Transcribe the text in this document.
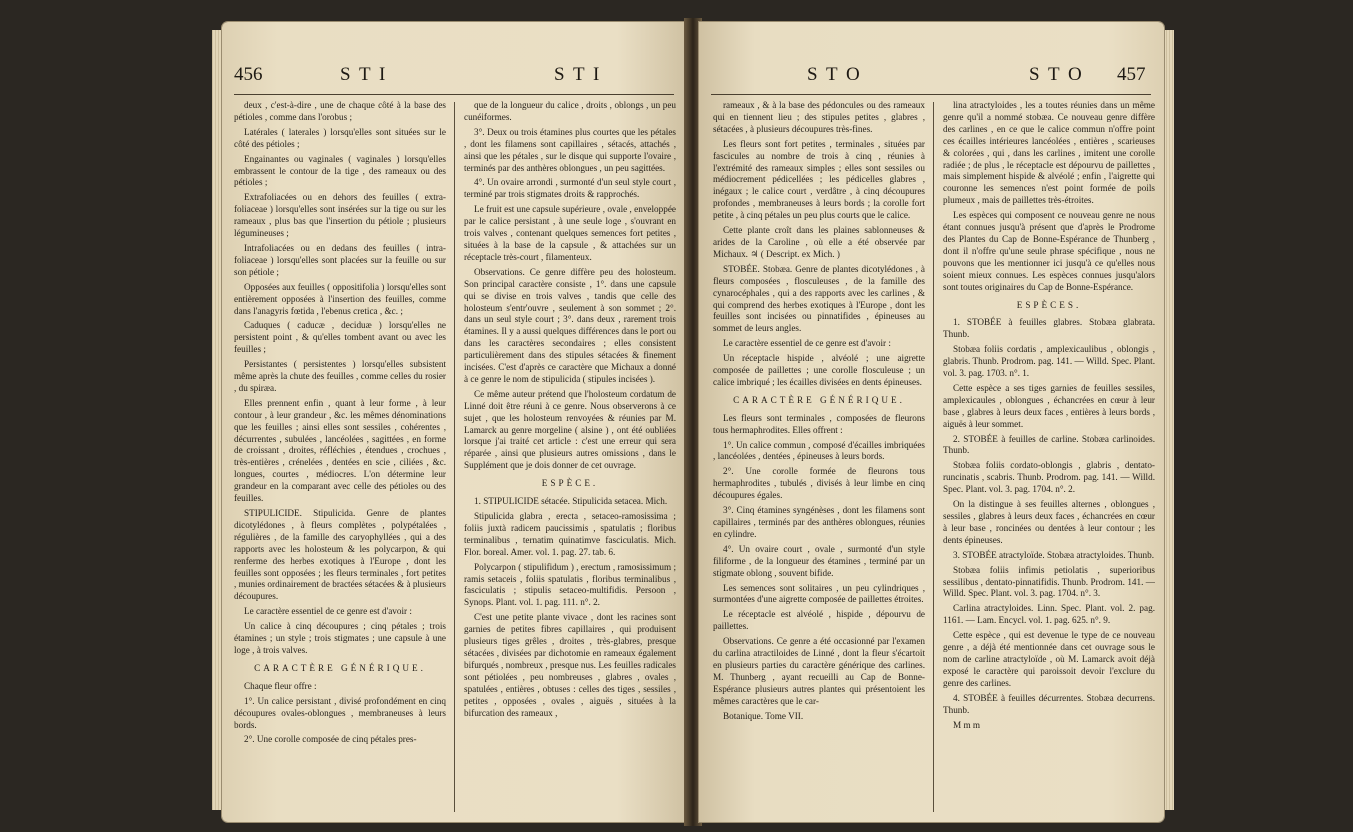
456	S T I	S T I

deux , c'est-à-dire , une de chaque côté à la base des pétioles , comme dans l'orobus ;

Latérales ( laterales ) lorsqu'elles sont situées sur le côté des pétioles ;

Engainantes ou vaginales ( vaginales ) lorsqu'elles embrassent le contour de la tige , des rameaux ou des pétioles ;

Extrafoliacées ou en dehors des feuilles ( extra-foliaceae ) lorsqu'elles sont insérées sur la tige ou sur les rameaux , plus bas que l'insertion du pétiole ; plusieurs légumineuses ;

Intrafoliacées ou en dedans des feuilles ( intra-foliaceae ) lorsqu'elles sont placées sur la feuille ou sur son pétiole ;

Opposées aux feuilles ( oppositifolia ) lorsqu'elles sont entièrement opposées à l'insertion des feuilles, comme dans l'anagyris fœtida , l'ebenus cretica , &c. ;

Caduques ( caducæ , deciduæ ) lorsqu'elles ne persistent point , & qu'elles tombent avant ou avec les feuilles ;

Persistantes ( persistentes ) lorsqu'elles subsistent même après la chute des feuilles , comme celles du rosier , du spiræa.

Elles prennent enfin , quant à leur forme , à leur contour , à leur grandeur , &c. les mêmes dénominations que les feuilles ; ainsi elles sont sessiles , cohérentes , décurrentes , subulées , lancéolées , sagittées , en forme de croissant , droites, réfléchies , étendues , crochues , très-entières , crénelées , dentées en scie , ciliées , &c. longues, courtes , médiocres. L'on détermine leur grandeur en la comparant avec celle des pétioles ou des feuilles.

STIPULICIDE. Stipulicida. Genre de plantes dicotylédones , à fleurs complètes , polypétalées , régulières , de la famille des caryophyllées , qui a des rapports avec les holosteum & les polycarpon, & qui renferme des herbes exotiques à l'Europe , dont les feuilles sont opposées ; les fleurs terminales , fort petites , munies ordinairement de bractées sétacées & à plusieurs découpures.

Le caractère essentiel de ce genre est d'avoir :

Un calice à cinq découpures ; cinq pétales ; trois étamines ; un style ; trois stigmates ; une capsule à une loge , à trois valves.

CARACTÈRE GÉNÉRIQUE.

Chaque fleur offre :

1°. Un calice persistant , divisé profondément en cinq découpures ovales-oblongues , membraneuses à leurs bords.

2°. Une corolle composée de cinq pétales pres-

que de la longueur du calice , droits , oblongs , un peu cunéiformes.

3°. Deux ou trois étamines plus courtes que les pétales , dont les filamens sont capillaires , sétacés, attachés , ainsi que les pétales , sur le disque qui supporte l'ovaire , terminés par des anthères oblongues , un peu sagittées.

4°. Un ovaire arrondi , surmonté d'un seul style court , terminé par trois stigmates droits & rapprochés.

Le fruit est une capsule supérieure , ovale , enveloppée par le calice persistant , à une seule loge , s'ouvrant en trois valves , contenant quelques semences fort petites , situées à la base de la capsule , & attachées sur un réceptacle très-court , filamenteux.

Observations. Ce genre diffère peu des holosteum. Son principal caractère consiste , 1°. dans une capsule qui se divise en trois valves , tandis que celle des holosteum s'entr'ouvre , seulement à son sommet ; 2°. dans un seul style court ; 3°. dans deux , rarement trois étamines. Il y a aussi quelques différences dans le port ou dans les caractères secondaires ; elles consistent particulièrement dans des stipules sétacées & finement incisées. C'est d'après ce caractère que Michaux a donné à ce genre le nom de stipulicida ( stipules incisées ).

Ce même auteur prétend que l'holosteum cordatum de Linné doit être réuni à ce genre. Nous observerons à ce sujet , que les holosteum renvoyées & réunies par M. Lamarck au genre morgeline ( alsine ) , ont été oubliées lorsque j'ai traité cet article : c'est une erreur qui sera réparée , ainsi que plusieurs autres omissions , dans le Supplément que je dois donner de cet ouvrage.

ESPÈCE.

1. STIPULICIDE sétacée. Stipulicida setacea. Mich.

Stipulicida glabra , erecta , setaceo-ramosissima ; foliis juxtà radicem paucissimis , spatulatis ; floribus terminalibus , ternatim quinatimve fasciculatis. Mich. Flor. boreal. Amer. vol. 1. pag. 27. tab. 6.

Polycarpon ( stipulifidum ) , erectum , ramosissimum ; ramis setaceis , foliis spatulatis , floribus terminalibus , fasciculatis ; stipulis setaceo-multifidis. Persoon , Synops. Plant. vol. 1. pag. 111. n°. 2.

C'est une petite plante vivace , dont les racines sont garnies de petites fibres capillaires , qui produisent plusieurs tiges grêles , droites , très-glabres, presque sétacées , divisées par dichotomie en rameaux également bifurqués , nombreux , presque nus. Les feuilles radicales sont pétiolées , peu nombreuses , glabres , ovales , spatulées , entières , obtuses : celles des tiges , sessiles , petites , opposées , ovales , aiguës , situées à la bifurcation des rameaux ,

S T O	S T O 457

rameaux , & à la base des pédoncules ou des rameaux qui en tiennent lieu ; des stipules petites , glabres , sétacées , à plusieurs découpures très-fines.

Les fleurs sont fort petites , terminales , situées par fascicules au nombre de trois à cinq , réunies à l'extrémité des rameaux simples ; elles sont sessiles ou médiocrement pédicellées ; les pédicelles glabres , inégaux ; le calice court , verdâtre , à cinq découpures profondes , membraneuses à leurs bords ; la corolle fort petite , à cinq pétales un peu plus courts que le calice.

Cette plante croît dans les plaines sablonneuses & arides de la Caroline , où elle a été observée par Michaux. ♃ ( Descript. ex Mich. )

STOBÉE. Stobæa. Genre de plantes dicotylédones , à fleurs composées , flosculeuses , de la famille des cynarocéphales , qui a des rapports avec les carlines , & qui comprend des herbes exotiques à l'Europe , dont les feuilles sont incisées ou pinnatifides , épineuses au sommet de leurs angles.

Le caractère essentiel de ce genre est d'avoir :

Un réceptacle hispide , alvéolé ; une aigrette composée de paillettes ; une corolle flosculeuse ; un calice imbriqué ; les écailles divisées en dents épineuses.

CARACTÈRE GÉNÉRIQUE.

Les fleurs sont terminales , composées de fleurons tous hermaphrodites. Elles offrent :

1°. Un calice commun , composé d'écailles imbriquées , lancéolées , dentées , épineuses à leurs bords.

2°. Une corolle formée de fleurons tous hermaphrodites , tubulés , divisés à leur limbe en cinq découpures égales.

3°. Cinq étamines syngénèses , dont les filamens sont capillaires , terminés par des anthères oblongues, réunies en cylindre.

4°. Un ovaire court , ovale , surmonté d'un style filiforme , de la longueur des étamines , terminé par un stigmate oblong , souvent bifide.

Les semences sont solitaires , un peu cylindriques , surmontées d'une aigrette composée de paillettes étroites.

Le réceptacle est alvéolé , hispide , dépourvu de paillettes.

Observations. Ce genre a été occasionné par l'examen du carlina atractiloides de Linné , dont la fleur s'écartoit en plusieurs parties du caractère générique des carlines. M. Thunberg , ayant recueilli au Cap de Bonne-Espérance plusieurs autres plantes qui présentoient les mêmes caractères que le car-

Botanique. Tome VII.

lina atractyloides , les a toutes réunies dans un même genre qu'il a nommé stobæa. Ce nouveau genre diffère des carlines , en ce que le calice commun n'offre point ces écailles intérieures lancéolées , entières , scarieuses & colorées , qui , dans les carlines , imitent une corolle radiée ; de plus , le réceptacle est dépourvu de paillettes , mais simplement hispide & alvéolé ; enfin , l'aigrette qui couronne les semences n'est point formée de poils plumeux , mais de paillettes très-étroites.

Les espèces qui composent ce nouveau genre ne nous étant connues jusqu'à présent que d'après le Prodrome des Plantes du Cap de Bonne-Espérance de Thunberg , dont il n'offre qu'une seule phrase spécifique , nous ne pouvons que les mentionner ici jusqu'à ce qu'elles nous soient mieux connues. Les espèces connues jusqu'alors sont toutes originaires du Cap de Bonne-Espérance.

ESPÈCES.

1. STOBÉE à feuilles glabres. Stobæa glabrata. Thunb.

Stobæa foliis cordatis , amplexicaulibus , oblongis , glabris. Thunb. Prodrom. pag. 141. — Willd. Spec. Plant. vol. 3. pag. 1703. n°. 1.

Cette espèce a ses tiges garnies de feuilles sessiles, amplexicaules , oblongues , échancrées en cœur à leur base , glabres à leurs deux faces , entières à leurs bords , aiguës à leur sommet.

2. STOBÉE à feuilles de carline. Stobæa carlinoides. Thunb.

Stobæa foliis cordato-oblongis , glabris , dentato-runcinatis , scabris. Thunb. Prodrom. pag. 141. — Willd. Spec. Plant. vol. 3. pag. 1704. n°. 2.

On la distingue à ses feuilles alternes , oblongues , sessiles , glabres à leurs deux faces , échancrées en cœur à leur base , roncinées ou dentées à leur contour ; les dents épineuses.

3. STOBÉE atractyloïde. Stobæa atractyloides. Thunb.

Stobæa foliis infimis petiolatis , superioribus sessilibus , dentato-pinnatifidis. Thunb. Prodrom. 141. — Willd. Spec. Plant. vol. 3. pag. 1704. n°. 3.

Carlina atractyloides. Linn. Spec. Plant. vol. 2. pag. 1161. — Lam. Encycl. vol. 1. pag. 625. n°. 9.

Cette espèce , qui est devenue le type de ce nouveau genre , a déjà été mentionnée dans cet ouvrage sous le nom de carline atractyloïde , où M. Lamarck avoit déjà exposé le caractère qui paroissoit devoir l'exclure du genre des carlines.

4. STOBÉE à feuilles décurrentes. Stobæa decurrens. Thunb.

M m m
